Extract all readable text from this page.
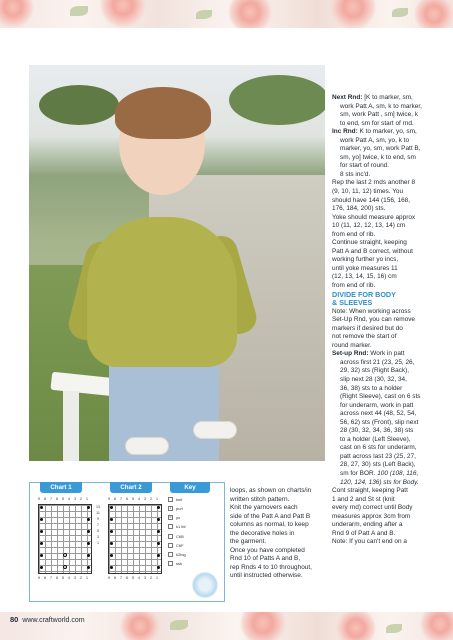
Next Rnd: [K to marker, sm,

work Patt A, sm, k to marker,

sm, work Patt , sm] twice, k

to end, sm for start of rnd.

Inc Rnd: K to marker, yo, sm,

work Patt A, sm, yo, k to

marker, yo, sm, work Patt B,

sm, yo] twice, k to end, sm

for start of round.

8 sts inc'd.

Rep the last 2 rnds another 8

(9, 10, 11, 12) times. You

should have 144 (156, 168,

176, 184, 200) sts.

Yoke should measure approx

10 (11, 12, 12, 13, 14) cm

from end of rib.

Continue straight, keeping

Patt A and B correct, without

working further yo incs,

until yoke measures 11

(12, 13, 14, 15, 16) cm

from end of rib.

DIVIDE FOR BODY
& SLEEVES

Note: When working across

Set-Up Rnd, you can remove

markers if desired but do

not remove the start of

round marker.

Set-up Rnd: Work in patt

across first 21 (23, 25, 26,

29, 32) sts (Right Back),

slip next 28 (30, 32, 34,

36, 38) sts to a holder

(Right Sleeve), cast on 6 sts

for underarm, work in patt

across next 44 (48, 52, 54,

56, 62) sts (Front), slip next

28 (30, 32, 34, 36, 38) sts

to a holder (Left Sleeve),

cast on 6 sts for underarm,

patt across last 23 (25, 27,

28, 27, 30) sts (Left Back),

sm for BOR. 100 (108, 116,

120, 124, 136) sts for Body.

Cont straight, keeping Patt

1 and 2 and St st (knit

every rnd) correct until Body

measures approx 3cm from

underarm, ending after a

Rnd 9 of Patt A and B.

Note: If you can't end on a

loops, as shown on charts/in

written stitch pattern.

Knit the yarnovers each

side of the Patt A and Patt B

columns as normal, to keep

the decorative holes in

the garment.

Once you have completed

Rnd 10 of Patts A and B,

rep Rnds 4 to 10 throughout,

until instructed otherwise.

Chart 1	Chart 2	Key
9 8 7 6 5 4 3 2 1
9 8 7 6 5 4 3 2 1
13
11
9
7
5
3
1
9 8 7 6 5 4 3 2 1
9 8 7 6 5 4 3 2 1
knit
• purl
o yo
k1 tbl
C6B
C6F
k2tog
ssk
80 www.craftworld.com
